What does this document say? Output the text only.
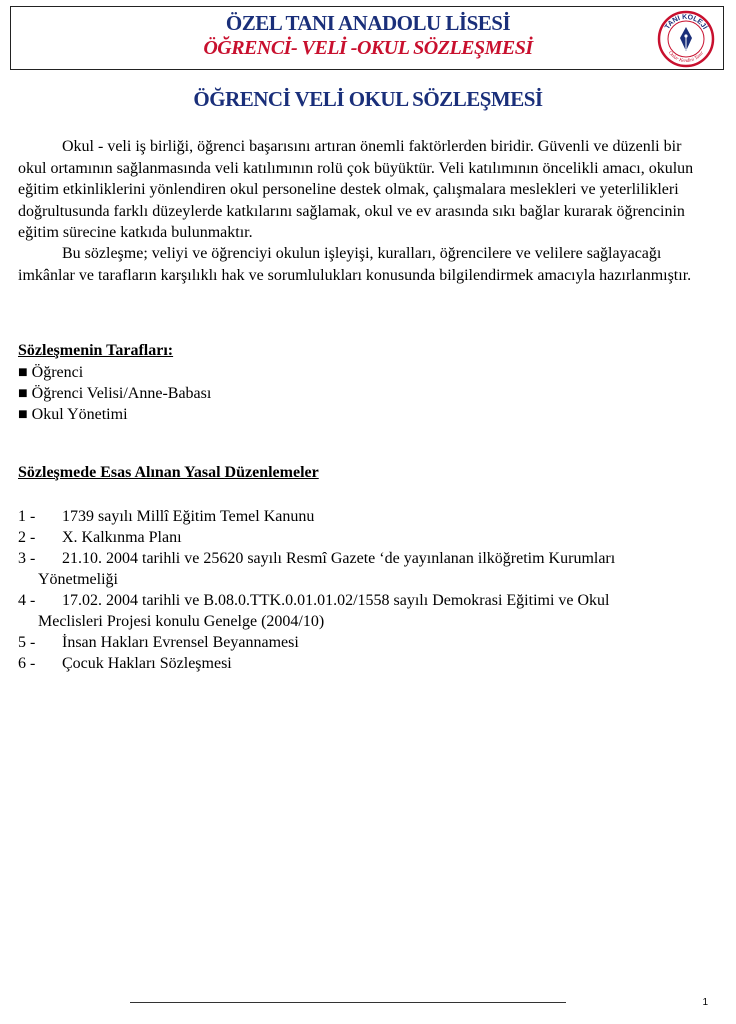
ÖZEL TANI ANADOLU LİSESİ
ÖĞRENCİ- VELİ -OKUL SÖZLEŞMESİ
TANI KOLEJİ
Onlar Kendini Tanır
ÖĞRENCİ VELİ OKUL SÖZLEŞMESİ

Okul - veli iş birliği, öğrenci başarısını artıran önemli faktörlerden biridir. Güvenli ve düzenli bir okul ortamının sağlanmasında veli katılımının rolü çok büyüktür. Veli katılımının öncelikli amacı, okulun eğitim etkinliklerini yönlendiren okul personeline destek olmak, çalışmalara meslekleri ve yeterlilikleri doğrultusunda farklı düzeylerde katkılarını sağlamak, okul ve ev arasında sıkı bağlar kurarak öğrencinin eğitim sürecine katkıda bulunmaktır.

Bu sözleşme; veliyi ve öğrenciyi okulun işleyişi, kuralları, öğrencilere ve velilere sağlayacağı imkânlar ve tarafların karşılıklı hak ve sorumlulukları konusunda bilgilendirmek amacıyla hazırlanmıştır.

Sözleşmenin Tarafları:
■ Öğrenci
■ Öğrenci Velisi/Anne-Babası
■ Okul Yönetimi
Sözleşmede Esas Alınan Yasal Düzenlemeler
1 - 1739 sayılı Millî Eğitim Temel Kanunu
2 - X. Kalkınma Planı
3 - 21.10. 2004 tarihli ve 25620 sayılı Resmî Gazete ‘de yayınlanan ilköğretim Kurumları
Yönetmeliği
4 - 17.02. 2004 tarihli ve B.08.0.TTK.0.01.01.02/1558 sayılı Demokrasi Eğitimi ve Okul
Meclisleri Projesi konulu Genelge (2004/10)
5 - İnsan Hakları Evrensel Beyannamesi
6 - Çocuk Hakları Sözleşmesi
1
